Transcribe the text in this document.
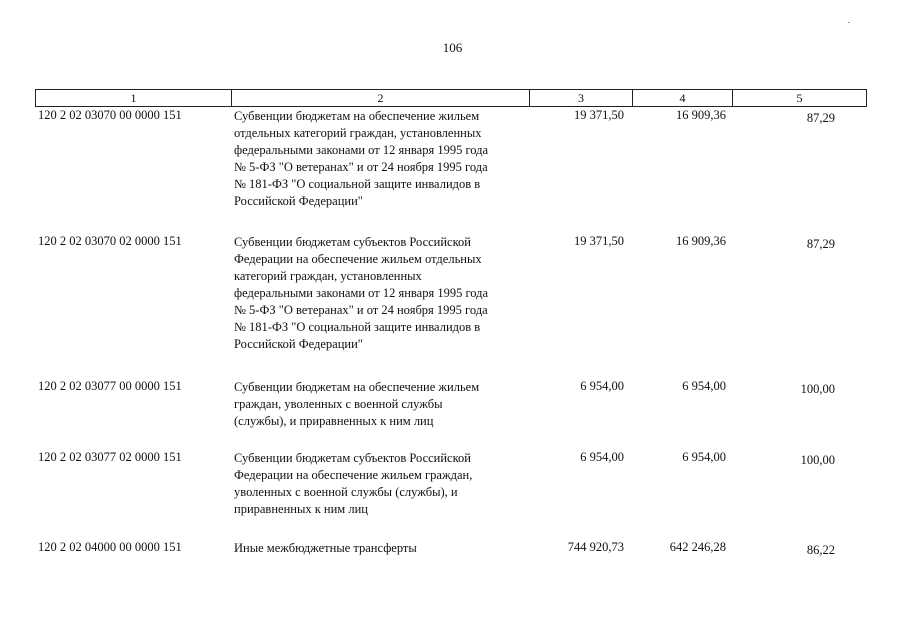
106
1	2	3	4	5
120 2 02 03070 00 0000 151	Субвенции бюджетам на обеспечение жильем
отдельных категорий граждан, установленных
федеральными законами от 12 января 1995 года
№ 5-ФЗ "О ветеранах" и от 24 ноября 1995 года
№ 181-ФЗ "О социальной защите инвалидов в
Российской Федерации"
19 371,50	16 909,36	87,29
120 2 02 03070 02 0000 151	Субвенции бюджетам субъектов Российской
Федерации на обеспечение жильем отдельных
категорий граждан, установленных
федеральными законами от 12 января 1995 года
№ 5-ФЗ "О ветеранах" и от 24 ноября 1995 года
№ 181-ФЗ "О социальной защите инвалидов в
Российской Федерации"
19 371,50	16 909,36	87,29
120 2 02 03077 00 0000 151	Субвенции бюджетам на обеспечение жильем
граждан, уволенных с военной службы
(службы), и приравненных к ним лиц
6 954,00	6 954,00	100,00
120 2 02 03077 02 0000 151	Субвенции бюджетам субъектов Российской
Федерации на обеспечение жильем граждан,
уволенных с военной службы (службы), и
приравненных к ним лиц
6 954,00	6 954,00	100,00
120 2 02 04000 00 0000 151	Иные межбюджетные трансферты	744 920,73	642 246,28	86,22
